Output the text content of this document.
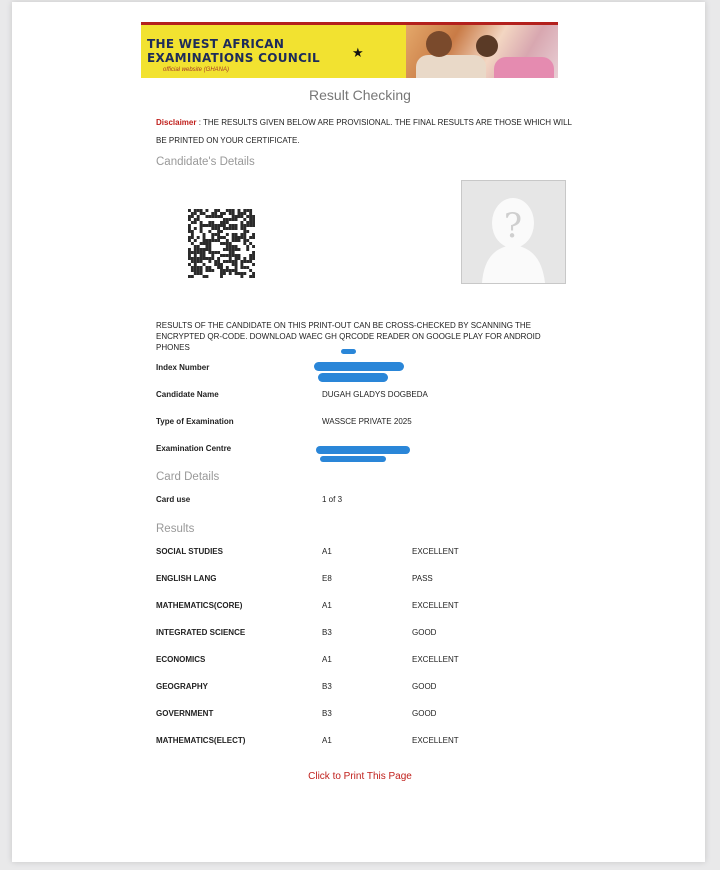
THE WEST AFRICAN
EXAMINATIONS COUNCIL
official website (GHANA)
★
Result Checking
Disclaimer : THE RESULTS GIVEN BELOW ARE PROVISIONAL. THE FINAL RESULTS ARE THOSE WHICH WILL BE PRINTED ON YOUR CERTIFICATE.
Candidate's Details
?
RESULTS OF THE CANDIDATE ON THIS PRINT-OUT CAN BE CROSS-CHECKED BY SCANNING THE ENCRYPTED QR-CODE. DOWNLOAD WAEC GH QRCODE READER ON GOOGLE PLAY FOR ANDROID PHONES
Index Number
Candidate Name	DUGAH GLADYS DOGBEDA
Type of Examination	WASSCE PRIVATE 2025
Examination Centre
Card Details
Card use	1 of 3
Results
SOCIAL STUDIES	A1	EXCELLENT
ENGLISH LANG	E8	PASS
MATHEMATICS(CORE)	A1	EXCELLENT
INTEGRATED SCIENCE	B3	GOOD
ECONOMICS	A1	EXCELLENT
GEOGRAPHY	B3	GOOD
GOVERNMENT	B3	GOOD
MATHEMATICS(ELECT)	A1	EXCELLENT
Click to Print This Page
